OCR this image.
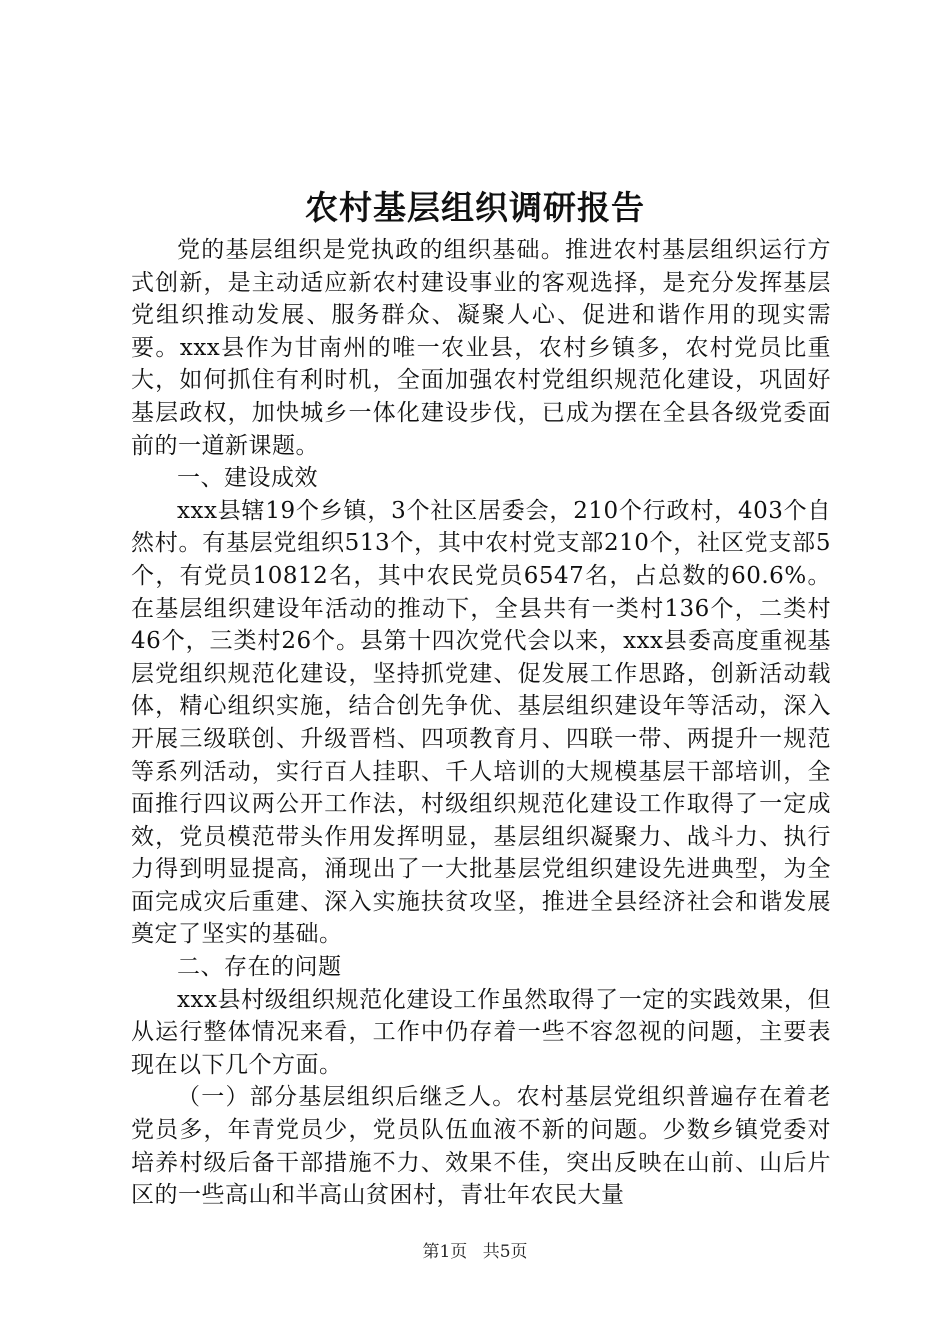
农村基层组织调研报告

党的基层组织是党执政的组织基础。推进农村基层组织运行方式创新，是主动适应新农村建设事业的客观选择，是充分发挥基层党组织推动发展、服务群众、凝聚人心、促进和谐作用的现实需要。xxx县作为甘南州的唯一农业县，农村乡镇多，农村党员比重大，如何抓住有利时机，全面加强农村党组织规范化建设，巩固好基层政权，加快城乡一体化建设步伐，已成为摆在全县各级党委面前的一道新课题。

一、建设成效

xxx县辖19个乡镇，3个社区居委会，210个行政村，403个自然村。有基层党组织513个，其中农村党支部210个，社区党支部5个，有党员10812名，其中农民党员6547名，占总数的60.6%。在基层组织建设年活动的推动下，全县共有一类村136个，二类村46个，三类村26个。县第十四次党代会以来，xxx县委高度重视基层党组织规范化建设，坚持抓党建、促发展工作思路，创新活动载体，精心组织实施，结合创先争优、基层组织建设年等活动，深入开展三级联创、升级晋档、四项教育月、四联一带、两提升一规范等系列活动，实行百人挂职、千人培训的大规模基层干部培训，全面推行四议两公开工作法，村级组织规范化建设工作取得了一定成效，党员模范带头作用发挥明显，基层组织凝聚力、战斗力、执行力得到明显提高，涌现出了一大批基层党组织建设先进典型，为全面完成灾后重建、深入实施扶贫攻坚，推进全县经济社会和谐发展奠定了坚实的基础。

二、存在的问题

xxx县村级组织规范化建设工作虽然取得了一定的实践效果，但从运行整体情况来看，工作中仍存着一些不容忽视的问题，主要表现在以下几个方面。

（一）部分基层组织后继乏人。农村基层党组织普遍存在着老党员多，年青党员少，党员队伍血液不新的问题。少数乡镇党委对培养村级后备干部措施不力、效果不佳，突出反映在山前、山后片区的一些高山和半高山贫困村，青壮年农民大量

第1页 共5页
